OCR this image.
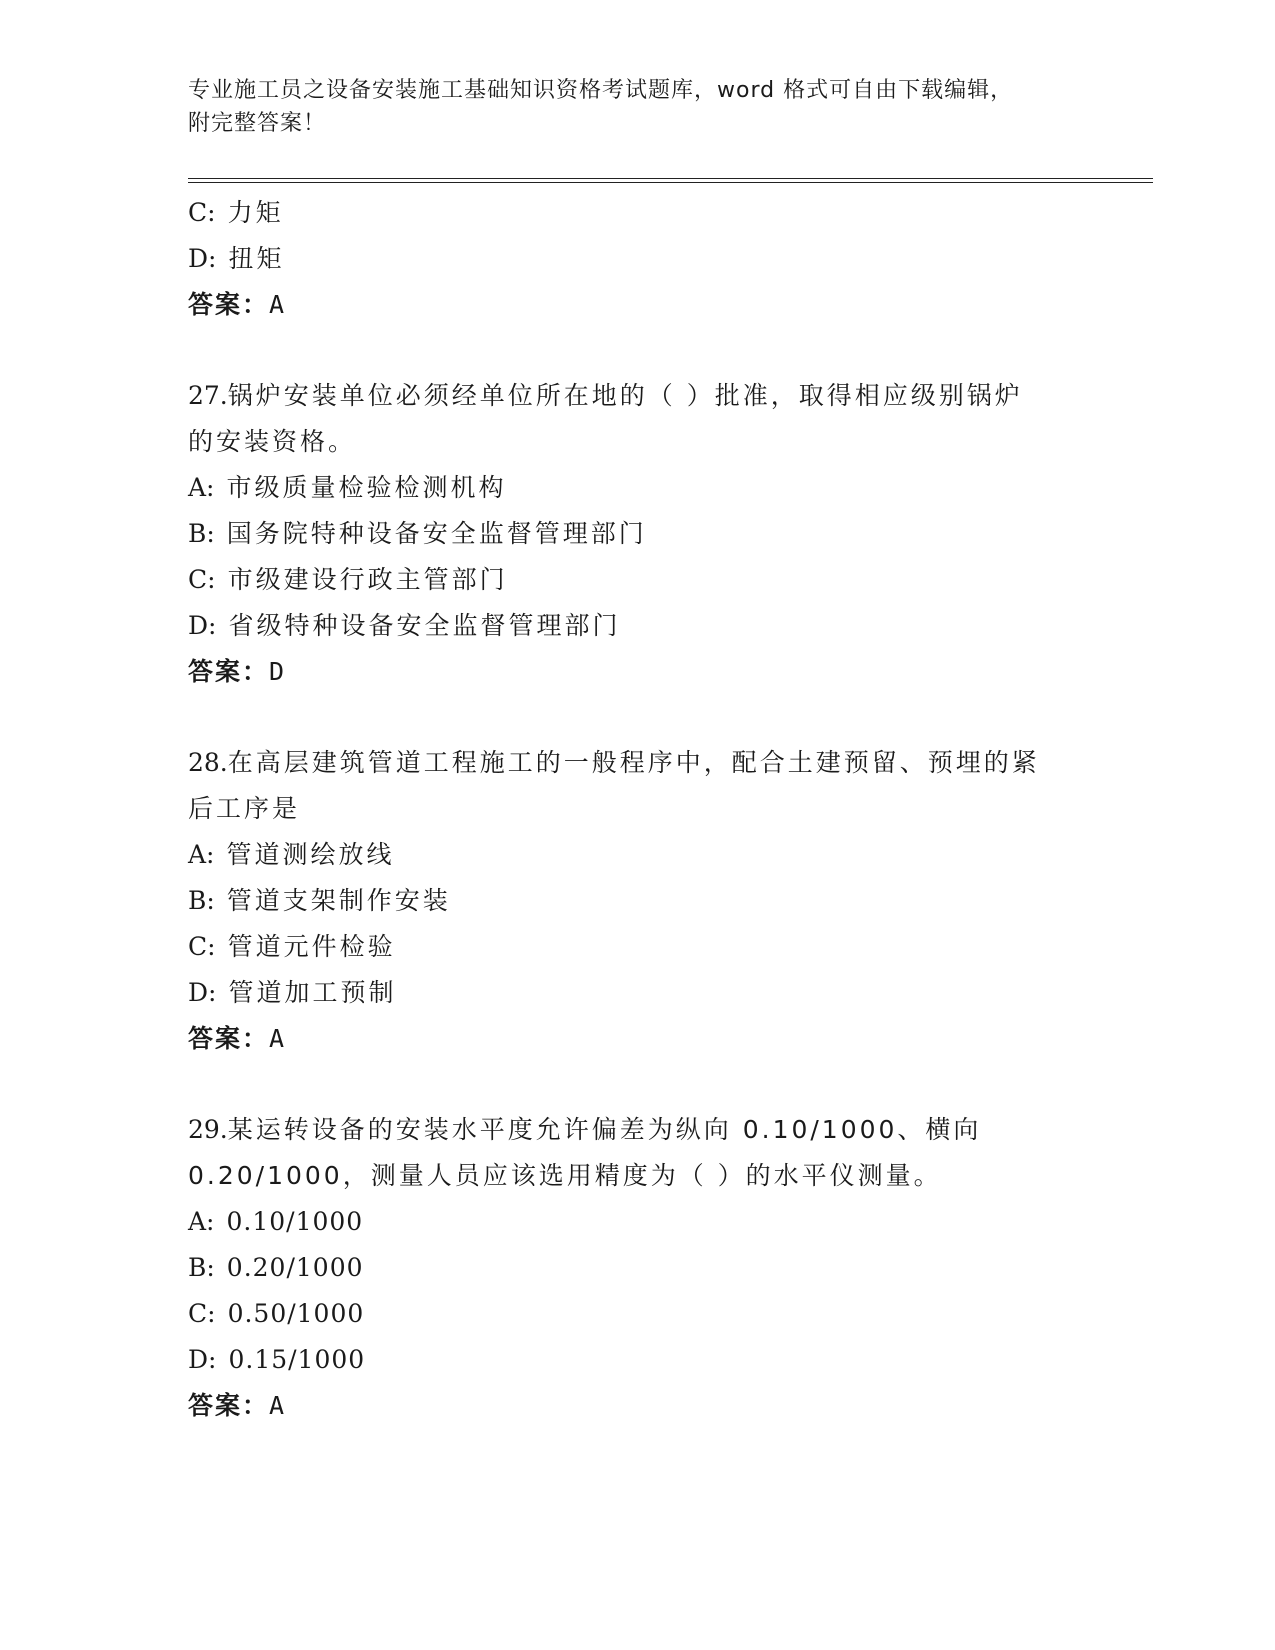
专业施工员之设备安装施工基础知识资格考试题库，word 格式可自由下载编辑，
附完整答案！
C: 力矩
D: 扭矩
答案：A
27.锅炉安装单位必须经单位所在地的（ ）批准，取得相应级别锅炉
的安装资格。
A: 市级质量检验检测机构
B: 国务院特种设备安全监督管理部门
C: 市级建设行政主管部门
D: 省级特种设备安全监督管理部门
答案：D
28.在高层建筑管道工程施工的一般程序中，配合土建预留、预埋的紧
后工序是
A: 管道测绘放线
B: 管道支架制作安装
C: 管道元件检验
D: 管道加工预制
答案：A
29.某运转设备的安装水平度允许偏差为纵向 0.10/1000、横向
0.20/1000，测量人员应该选用精度为（ ）的水平仪测量。
A: 0.10/1000
B: 0.20/1000
C: 0.50/1000
D: 0.15/1000
答案：A
